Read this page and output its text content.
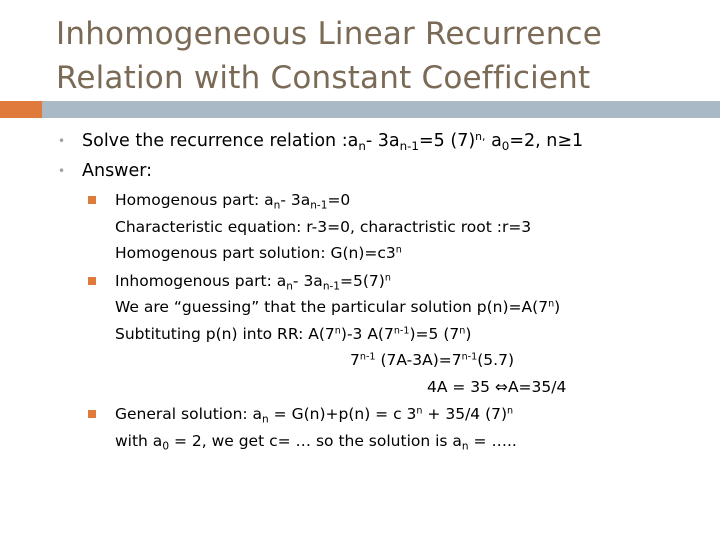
Inhomogeneous Linear Recurrence
Relation with Constant Coefficient
• Solve the recurrence relation $:a_n-$ $3a_{n-1}=5$ $(7)^{n,}$ $a_0=2$, n≥1
• Answer:
Homogenous part: $a_n-$ $3a_{n-1}=0$
Characteristic equation: r-3=0, charactristic root :r=3
Homogenous part solution: $G(n)=c3^n$
Inhomogenous part: $a_n-$ $3a_{n-1}=5(7)^n$
We are “guessing” that the particular solution $p(n)=A(7^n)$
Subtituting p(n) into RR: A(7$^n$)-3 $A(7^{n-1})=5$ (7$^n$)
7$^{n-1}$ $(7A-3A)=7^{n-1}(5.7)$
4A = 35 ⇔A=35/4
General solution: $a_n = G(n)+p(n) = c$ $3^n + 35/4$ $(7)^n$
with $a_0 = 2$, we get c= … so the solution is $a_n$ = …..
